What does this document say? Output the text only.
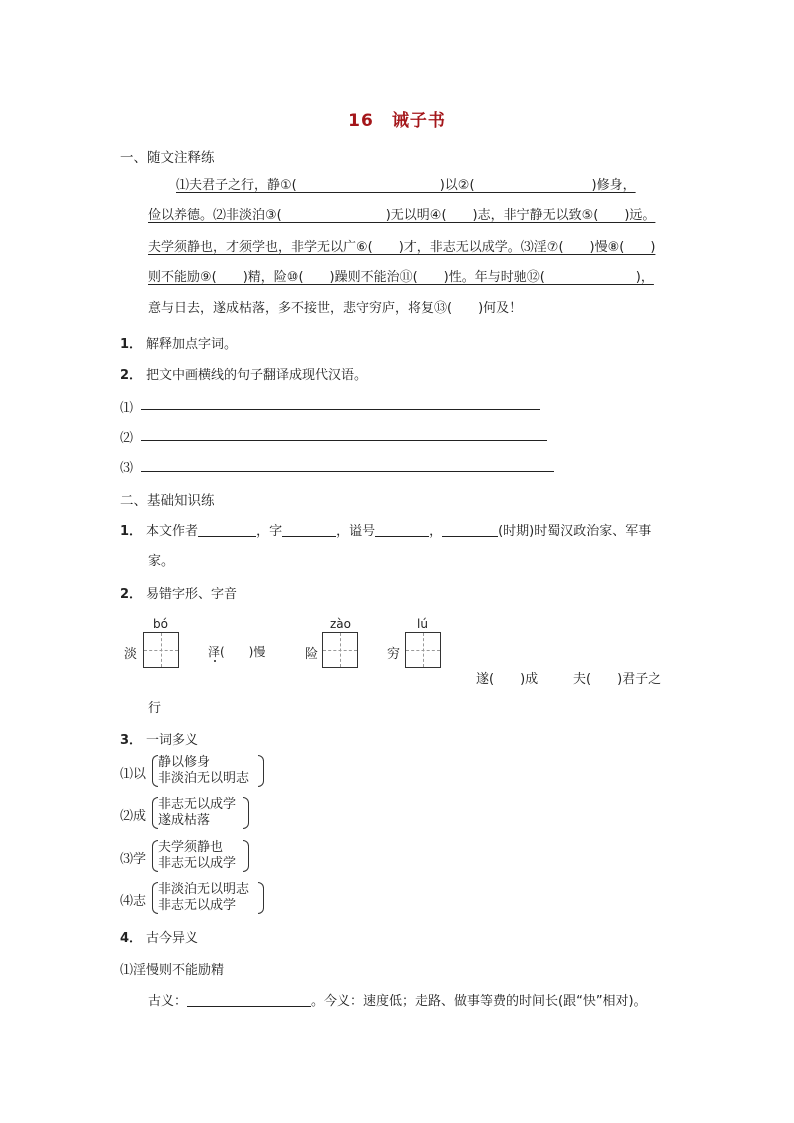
16　诫子书
一、随文注释练
⑴夫君子之行，静①(　　　　　　　　　　　)以②(　　　　　　　　　)修身，
俭以养德。⑵非淡泊③(　　　　　　　　)无以明④(　　)志，非宁静无以致⑤(　　)远。
夫学须静也，才须学也，非学无以广⑥(　　)才，非志无以成学。⑶淫⑦(　　)慢⑧(　　)
则不能励⑨(　　)精，险⑩(　　)躁则不能治⑪(　　)性。年与时驰⑫(　　　　　　　)，
意与日去，遂成枯落，多不接世，悲守穷庐，将复⑬(　　)何及！
1． 解释加点字词。
2． 把文中画横线的句子翻译成现代汉语。
⑴
⑵
⑶
二、基础知识练
1． 本文作者	，字	，谥号	，	(时期)时蜀汉政治家、军事
家。
2． 易错字形、字音
bó
淡	泽(　　)慢
zào
险
lú
穷
遂(　　)成	夫(　　)君子之
行
3． 一词多义
⑴以
静以修身
非淡泊无以明志
⑵成
非志无以成学
遂成枯落
⑶学
夫学须静也
非志无以成学
⑷志
非淡泊无以明志
非志无以成学
4． 古今异义
⑴淫慢则不能励精
古义：	。今义：速度低；走路、做事等费的时间长(跟“快”相对)。
